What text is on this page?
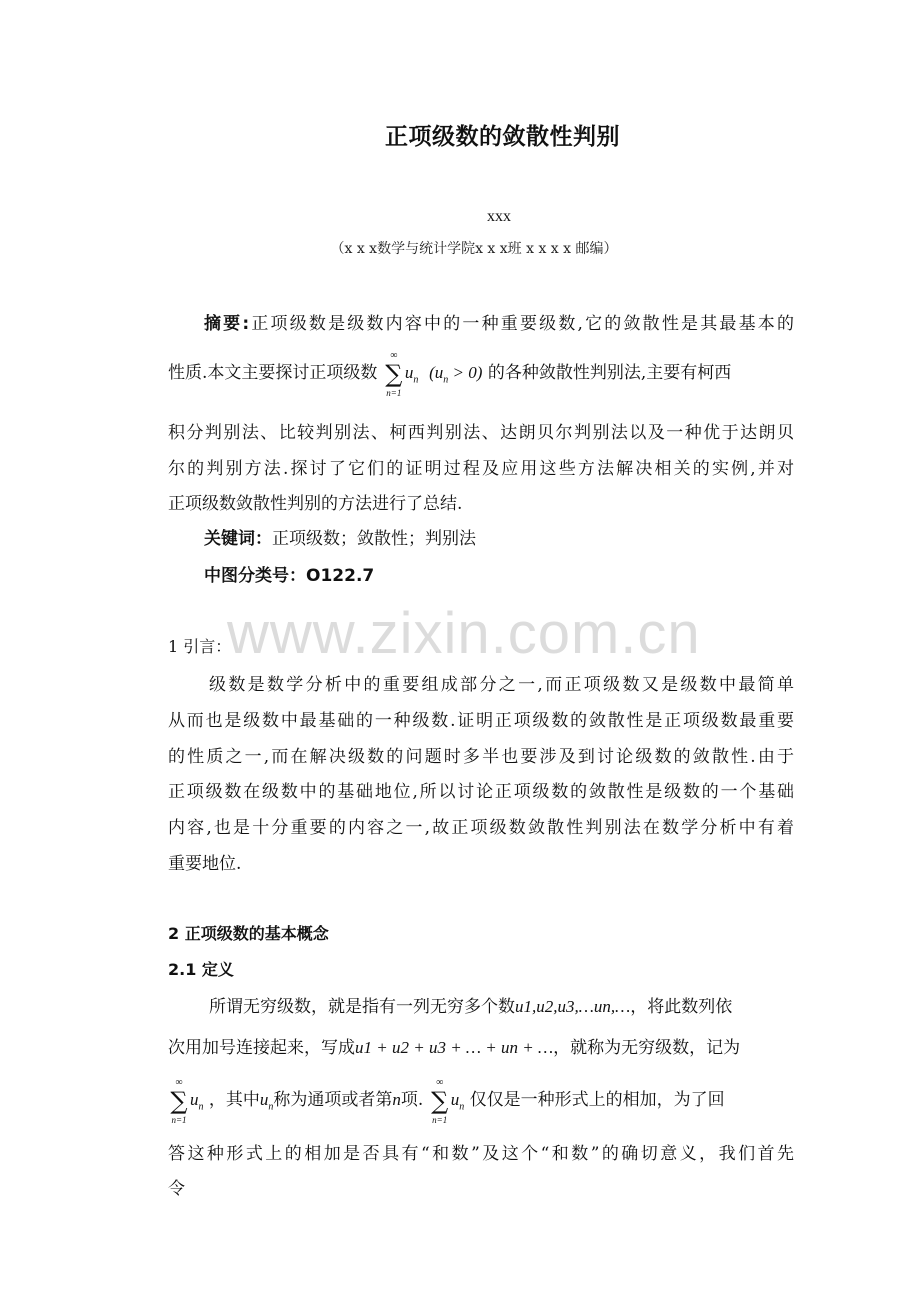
www.zixin.com.cn
正项级数的敛散性判别
xxx
（x x x数学与统计学院x x x班 x x x x 邮编）
摘要:正项级数是级数内容中的一种重要级数,它的敛散性是其最基本的
性质.本文主要探讨正项级数
∞
∑
n=1
$u_n$ $(u_n > 0)$ 的各种敛散性判别法,主要有柯西
积分判别法、比较判别法、柯西判别法、达朗贝尔判别法以及一种优于达朗贝
尔的判别方法.探讨了它们的证明过程及应用这些方法解决相关的实例,并对
正项级数敛散性判别的方法进行了总结.
关键词：正项级数；敛散性；判别法
中图分类号：O122.7
1 引言：
级数是数学分析中的重要组成部分之一,而正项级数又是级数中最简单
从而也是级数中最基础的一种级数.证明正项级数的敛散性是正项级数最重要
的性质之一,而在解决级数的问题时多半也要涉及到讨论级数的敛散性.由于
正项级数在级数中的基础地位,所以讨论正项级数的敛散性是级数的一个基础
内容,也是十分重要的内容之一,故正项级数敛散性判别法在数学分析中有着
重要地位.
2 正项级数的基本概念
2.1 定义
所谓无穷级数，就是指有一列无穷多个数u1,u2,u3,…un,…，将此数列依
次用加号连接起来，写成u1 + u2 + u3 + … + un + …，就称为无穷级数，记为
∞
∑
n=1
$u_n$ ，其中$u_n$称为通项或者第n项.
∞
∑
n=1
$u_n$ 仅仅是一种形式上的相加，为了回
答这种形式上的相加是否具有“和数”及这个“和数”的确切意义，我们首先
令
